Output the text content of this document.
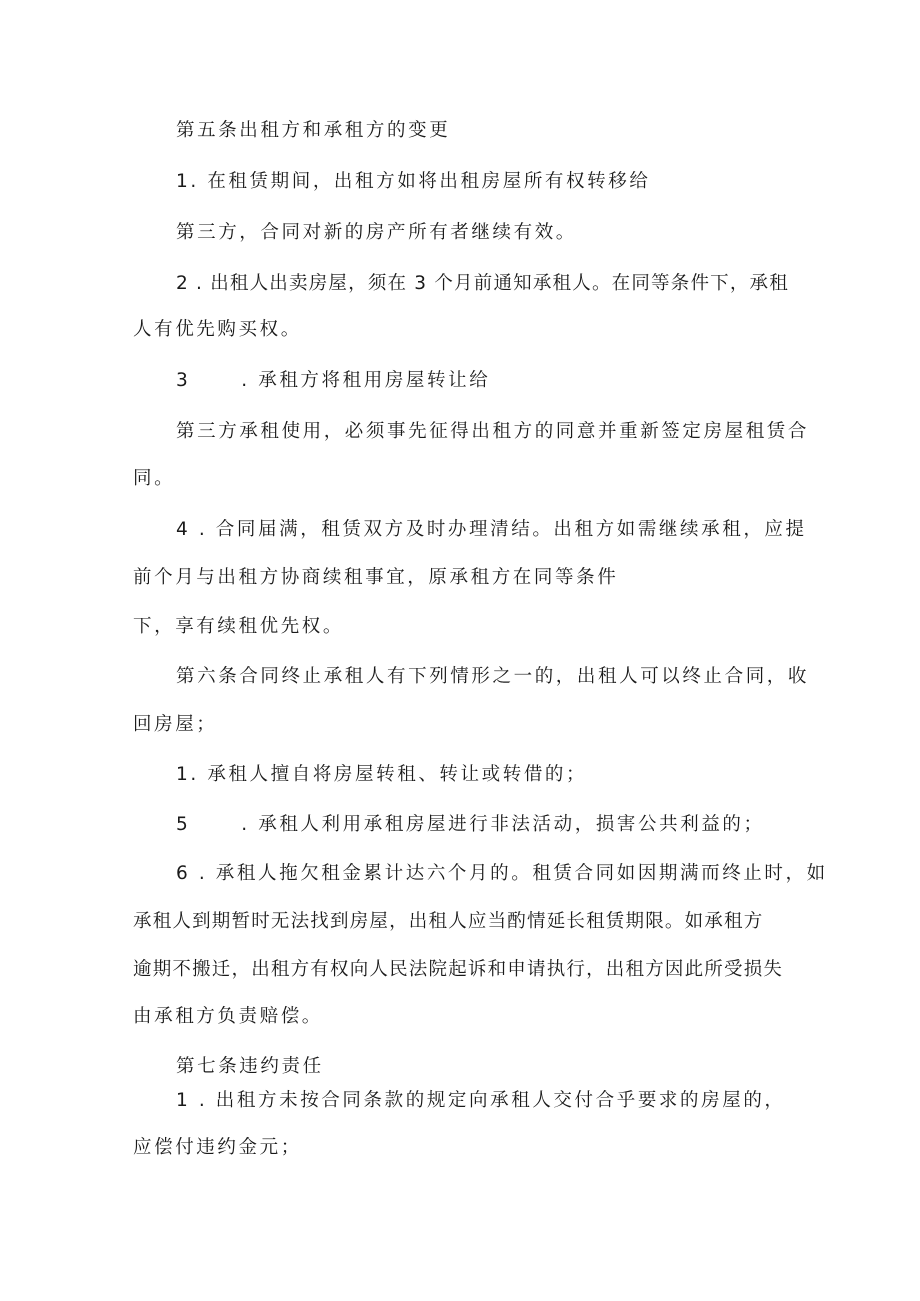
第五条出租方和承租方的变更
1. 在租赁期间，出租方如将出租房屋所有权转移给
第三方，合同对新的房产所有者继续有效。
2 . 出租人出卖房屋，须在 3 个月前通知承租人。在同等条件下，承租
人有优先购买权。
3      . 承租方将租用房屋转让给
第三方承租使用，必须事先征得出租方的同意并重新签定房屋租赁合
同。
4 . 合同届满，租赁双方及时办理清结。出租方如需继续承租，应提
前个月与出租方协商续租事宜，原承租方在同等条件
下，享有续租优先权。
第六条合同终止承租人有下列情形之一的，出租人可以终止合同，收
回房屋；
1. 承租人擅自将房屋转租、转让或转借的；
5      . 承租人利用承租房屋进行非法活动，损害公共利益的；
6 . 承租人拖欠租金累计达六个月的。租赁合同如因期满而终止时，如
承租人到期暂时无法找到房屋，出租人应当酌情延长租赁期限。如承租方
逾期不搬迁，出租方有权向人民法院起诉和申请执行，出租方因此所受损失
由承租方负责赔偿。
第七条违约责任
1 . 出租方未按合同条款的规定向承租人交付合乎要求的房屋的，
应偿付违约金元；
